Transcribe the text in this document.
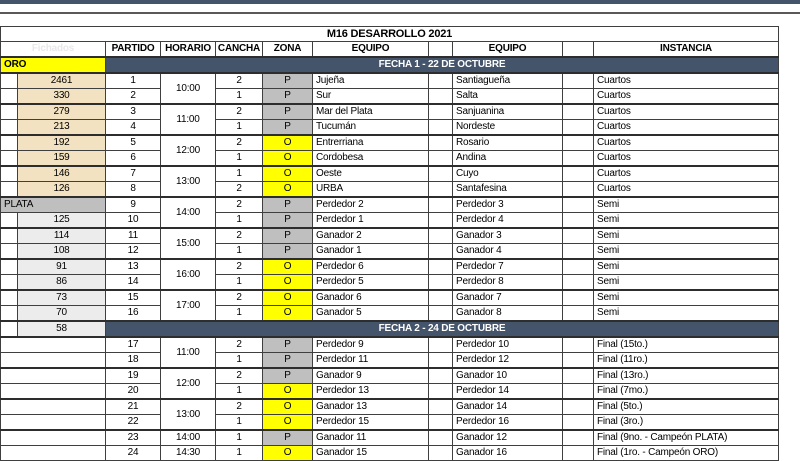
M16 DESARROLLO 2021										
Fichados		PARTIDO	HORARIO	CANCHA	ZONA	EQUIPO		EQUIPO		INSTANCIA
ORO		FECHA 1 - 22 DE OCTUBRE								
	2461	1	10:00	2	P	Jujeña		Santiagueña		Cuartos
	330	2		1	P	Sur		Salta		Cuartos
	279	3	11:00	2	P	Mar del Plata		Sanjuanina		Cuartos
	213	4		1	P	Tucumán		Nordeste		Cuartos
	192	5	12:00	2	O	Entrerriana		Rosario		Cuartos
	159	6		1	O	Cordobesa		Andina		Cuartos
	146	7	13:00	1	O	Oeste		Cuyo		Cuartos
	126	8		2	O	URBA		Santafesina		Cuartos
PLATA		9	14:00	2	P	Perdedor 2		Perdedor 3		Semi
	125	10		1	P	Perdedor 1		Perdedor 4		Semi
	114	11	15:00	2	P	Ganador 2		Ganador 3		Semi
	108	12		1	P	Ganador 1		Ganador 4		Semi
	91	13	16:00	2	O	Perdedor 6		Perdedor 7		Semi
	86	14		1	O	Perdedor 5		Perdedor 8		Semi
	73	15	17:00	2	O	Ganador 6		Ganador 7		Semi
	70	16		1	O	Ganador 5		Ganador 8		Semi
	58	FECHA 2 - 24 DE OCTUBRE								
		17	11:00	2	P	Perdedor 9		Perdedor 10		Final (15to.)
		18		1	P	Perdedor 11		Perdedor 12		Final (11ro.)
		19	12:00	2	P	Ganador 9		Ganador 10		Final (13ro.)
		20		1	O	Perdedor 13		Perdedor 14		Final (7mo.)
		21	13:00	2	O	Ganador 13		Ganador 14		Final (5to.)
		22		1	O	Perdedor 15		Perdedor 16		Final (3ro.)
		23	14:00	1	P	Ganador 11		Ganador 12		Final (9no. - Campeón PLATA)
		24	14:30	1	O	Ganador 15		Ganador 16		Final (1ro. - Campeón ORO)
